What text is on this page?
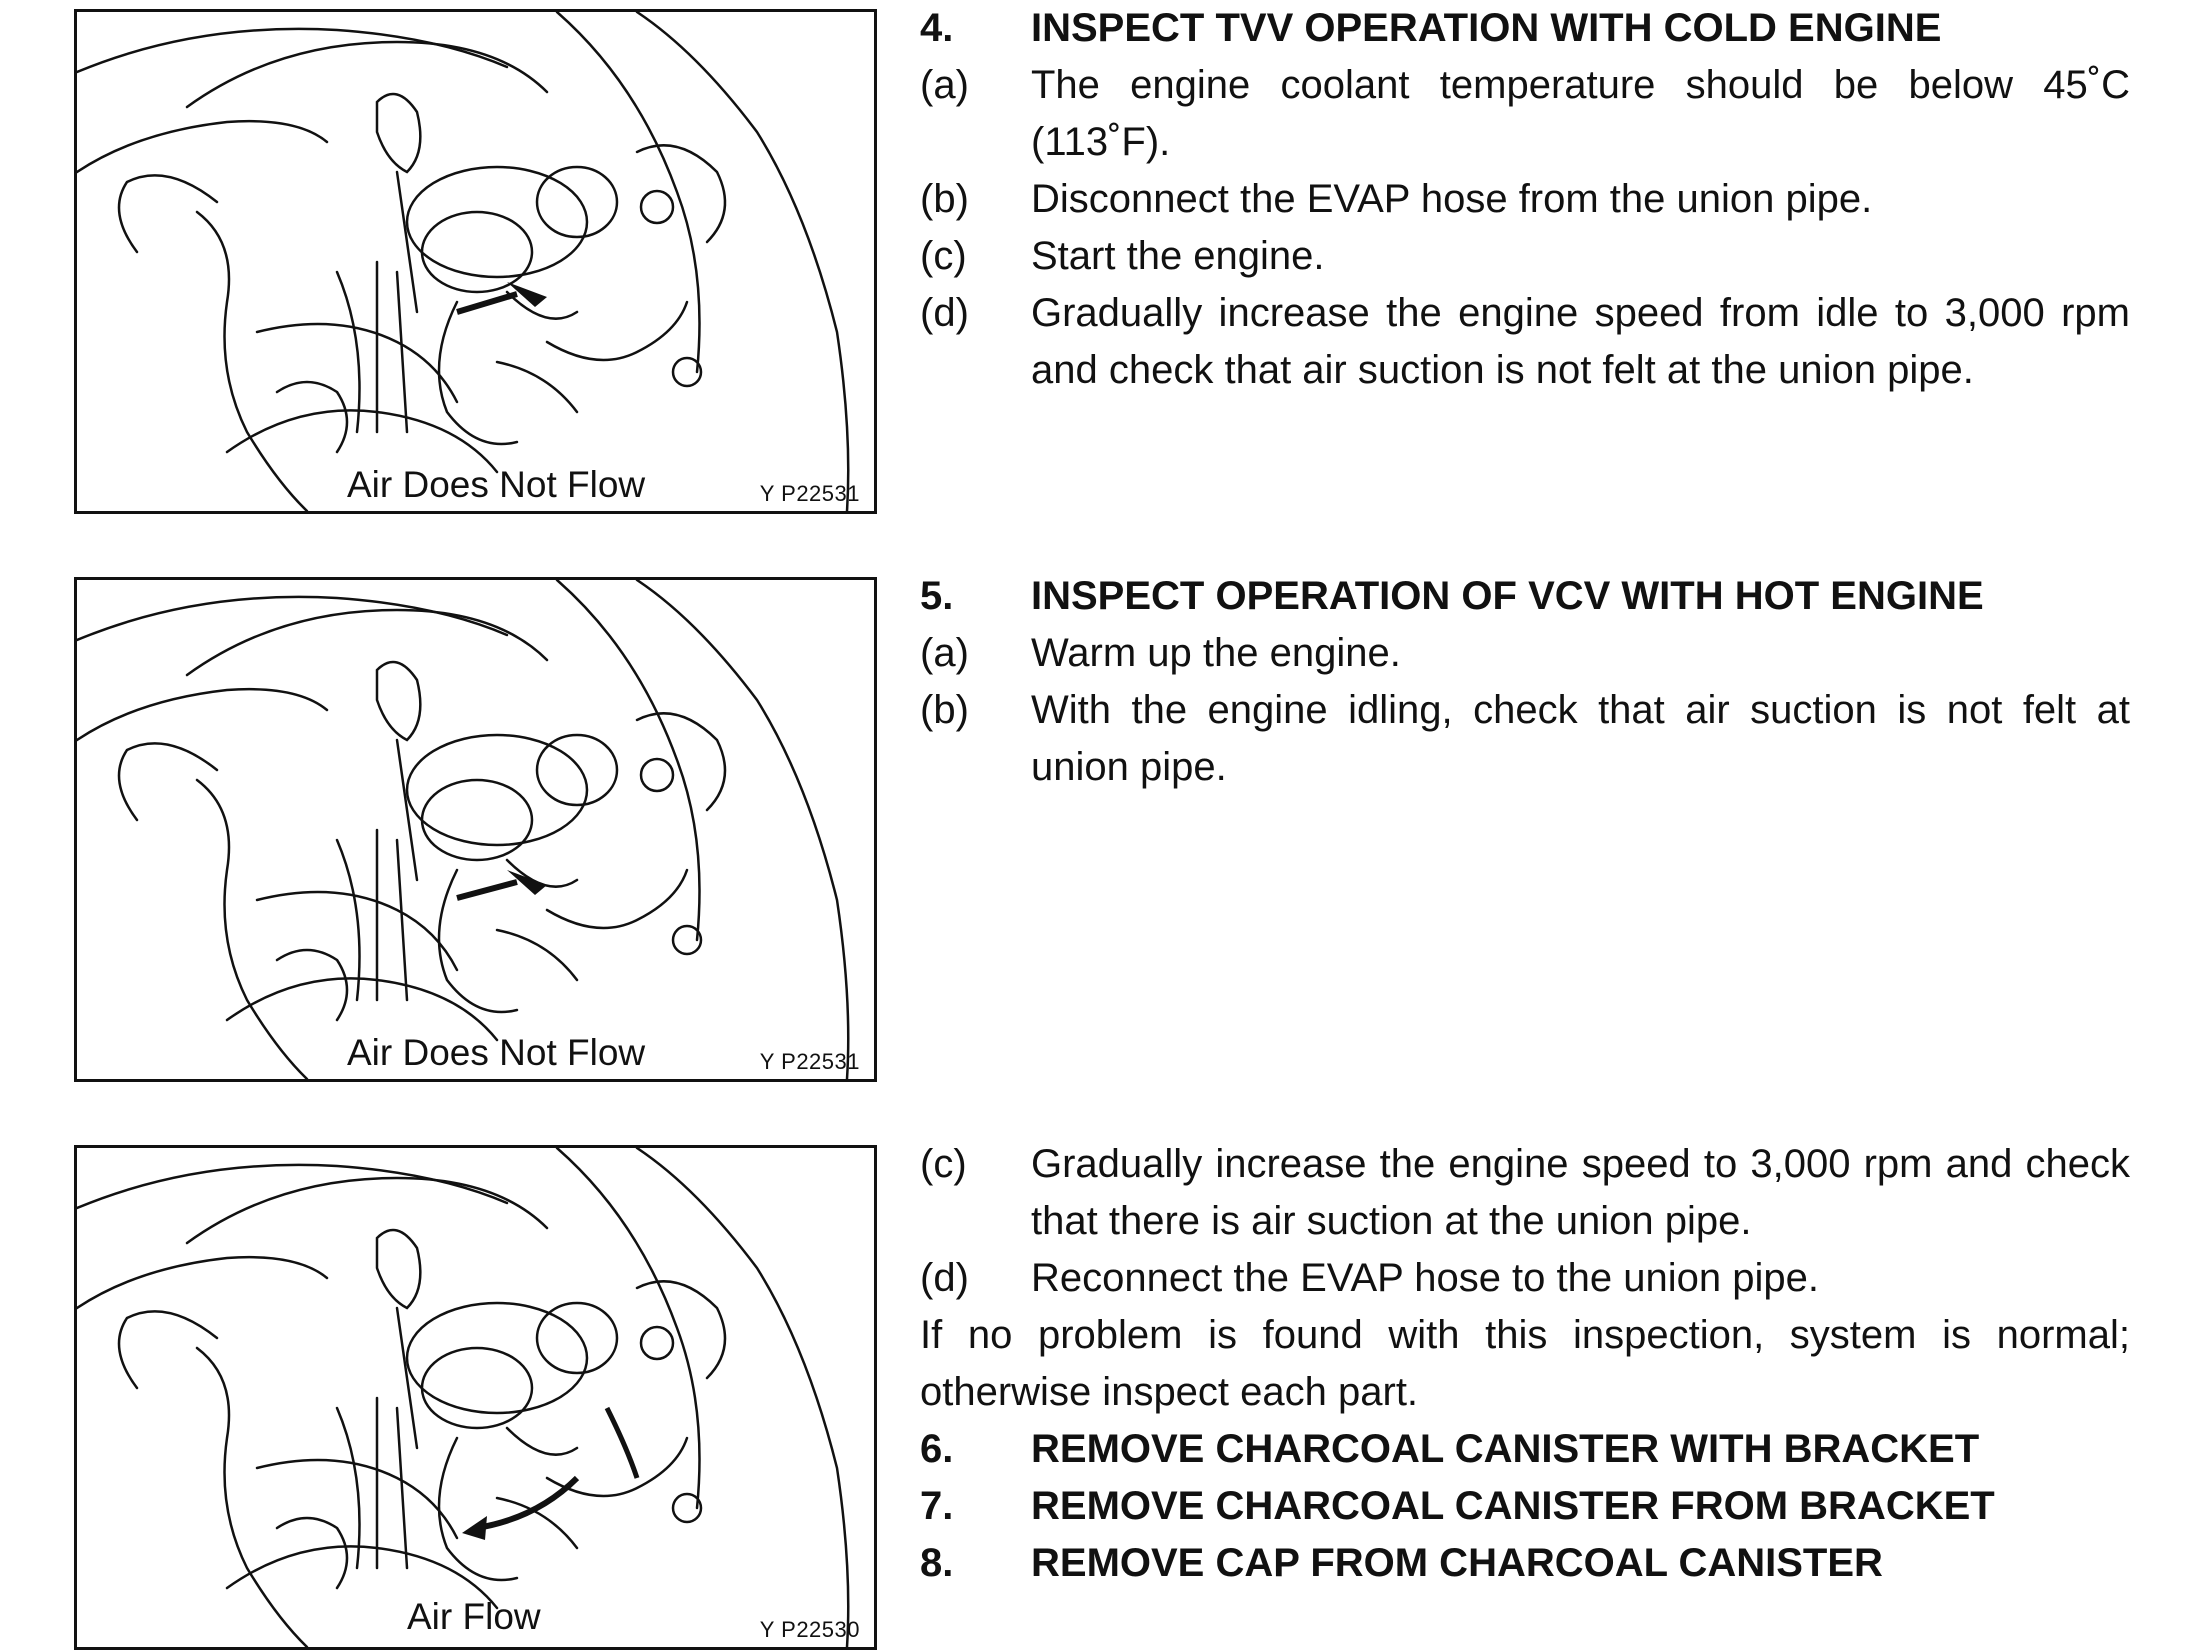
Air Does Not Flow	Y P22531
Air Does Not Flow	Y P22531
Air Flow	Y P22530
4.	INSPECT TVV OPERATION WITH COLD ENGINE
(a)	The engine coolant temperature should be below 45˚C (113˚F).
(b)	Disconnect the EVAP hose from the union pipe.
(c)	Start the engine.
(d)	Gradually increase the engine speed from idle to 3,000 rpm and check that air suction is not felt at the union pipe.
5.	INSPECT OPERATION OF VCV WITH HOT ENGINE
(a)	Warm up the engine.
(b)	With the engine idling, check that air suction is not felt at union pipe.
(c)	Gradually increase the engine speed to 3,000 rpm and check that there is air suction at the union pipe.
(d)	Reconnect the EVAP hose to the union pipe.
If no problem is found with this inspection, system is normal; otherwise inspect each part.
6.	REMOVE CHARCOAL CANISTER WITH BRACKET
7.	REMOVE CHARCOAL CANISTER FROM BRACKET
8.	REMOVE CAP FROM CHARCOAL CANISTER
